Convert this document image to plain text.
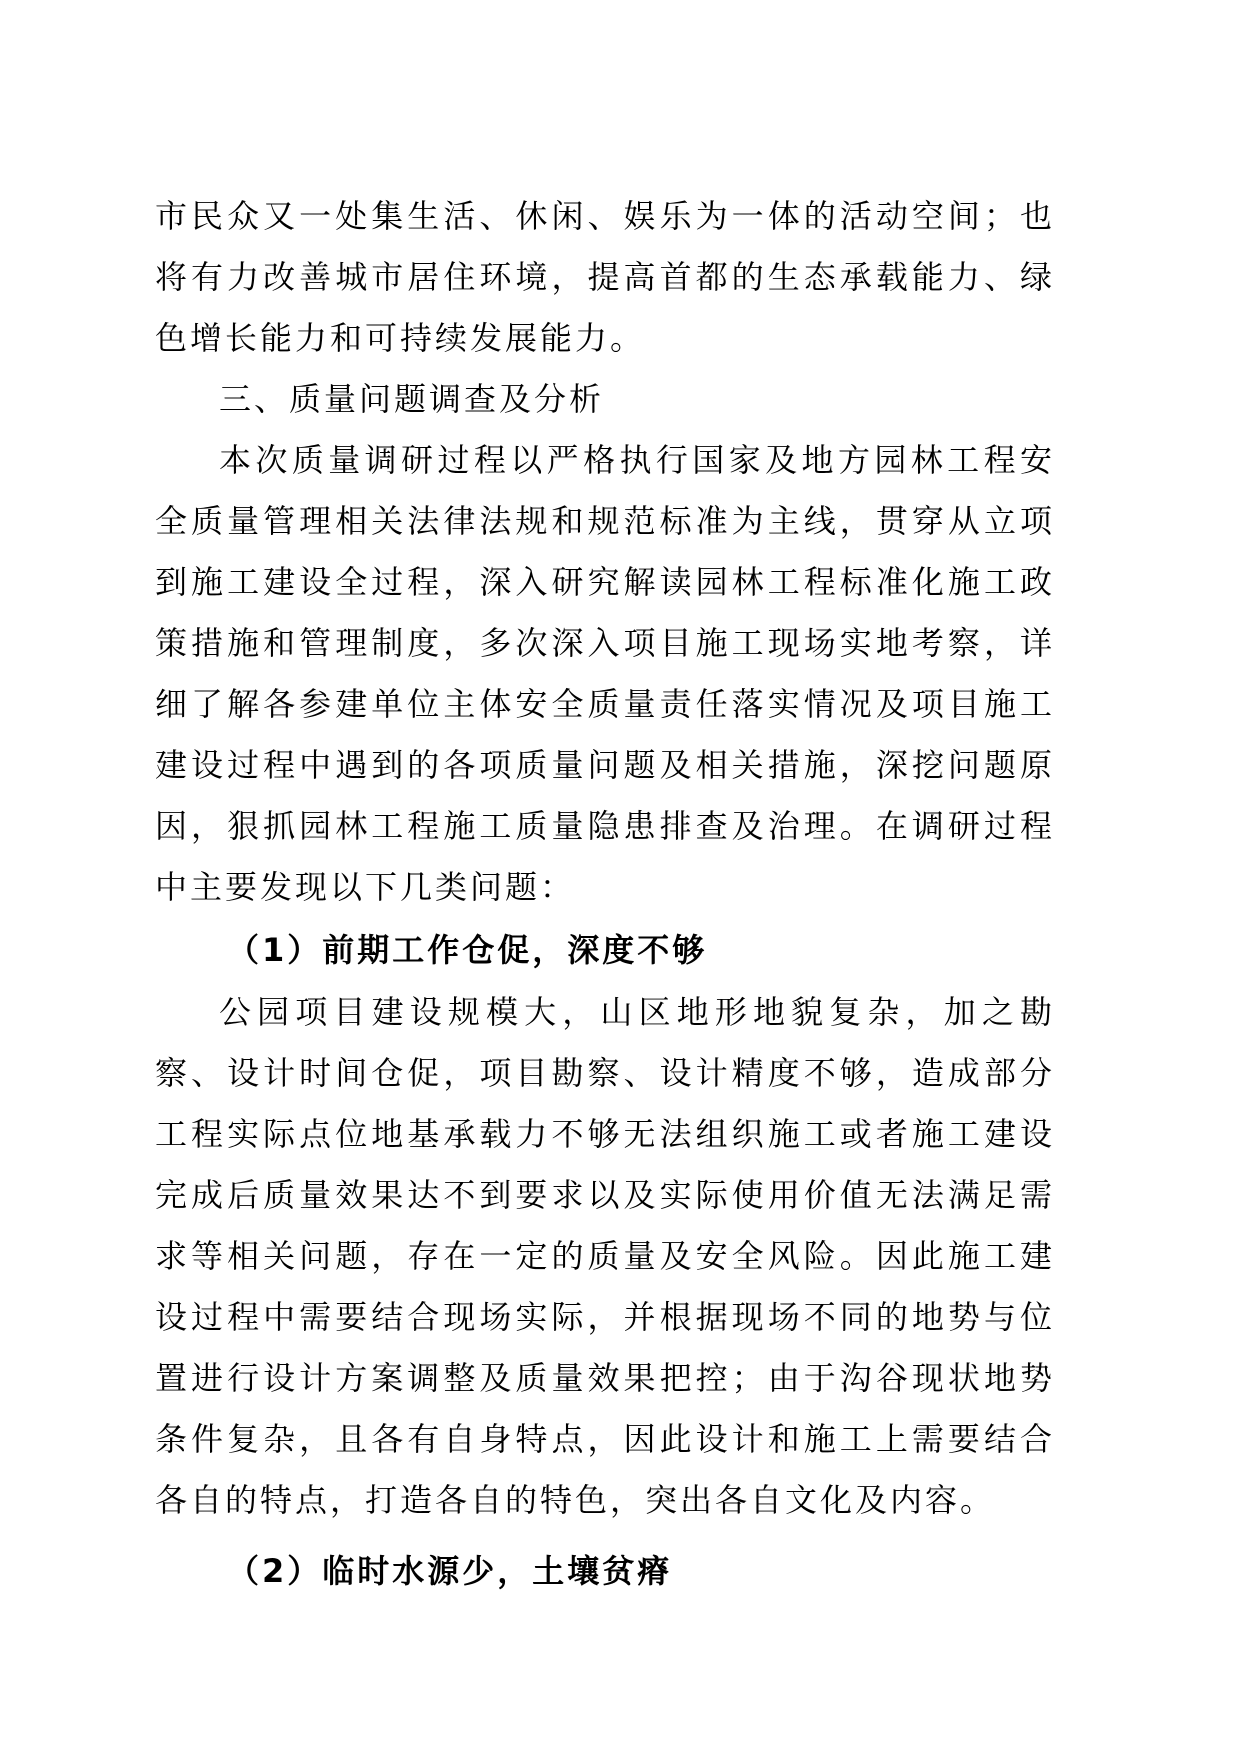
市民众又一处集生活、休闲、娱乐为一体的活动空间；也将有力改善城市居住环境，提高首都的生态承载能力、绿色增长能力和可持续发展能力。

三、质量问题调查及分析

本次质量调研过程以严格执行国家及地方园林工程安全质量管理相关法律法规和规范标准为主线，贯穿从立项到施工建设全过程，深入研究解读园林工程标准化施工政策措施和管理制度，多次深入项目施工现场实地考察，详细了解各参建单位主体安全质量责任落实情况及项目施工建设过程中遇到的各项质量问题及相关措施，深挖问题原因，狠抓园林工程施工质量隐患排查及治理。在调研过程中主要发现以下几类问题：

（1）前期工作仓促，深度不够

公园项目建设规模大，山区地形地貌复杂，加之勘察、设计时间仓促，项目勘察、设计精度不够，造成部分工程实际点位地基承载力不够无法组织施工或者施工建设完成后质量效果达不到要求以及实际使用价值无法满足需求等相关问题，存在一定的质量及安全风险。因此施工建设过程中需要结合现场实际，并根据现场不同的地势与位置进行设计方案调整及质量效果把控；由于沟谷现状地势条件复杂，且各有自身特点，因此设计和施工上需要结合各自的特点，打造各自的特色，突出各自文化及内容。

（2）临时水源少，土壤贫瘠
